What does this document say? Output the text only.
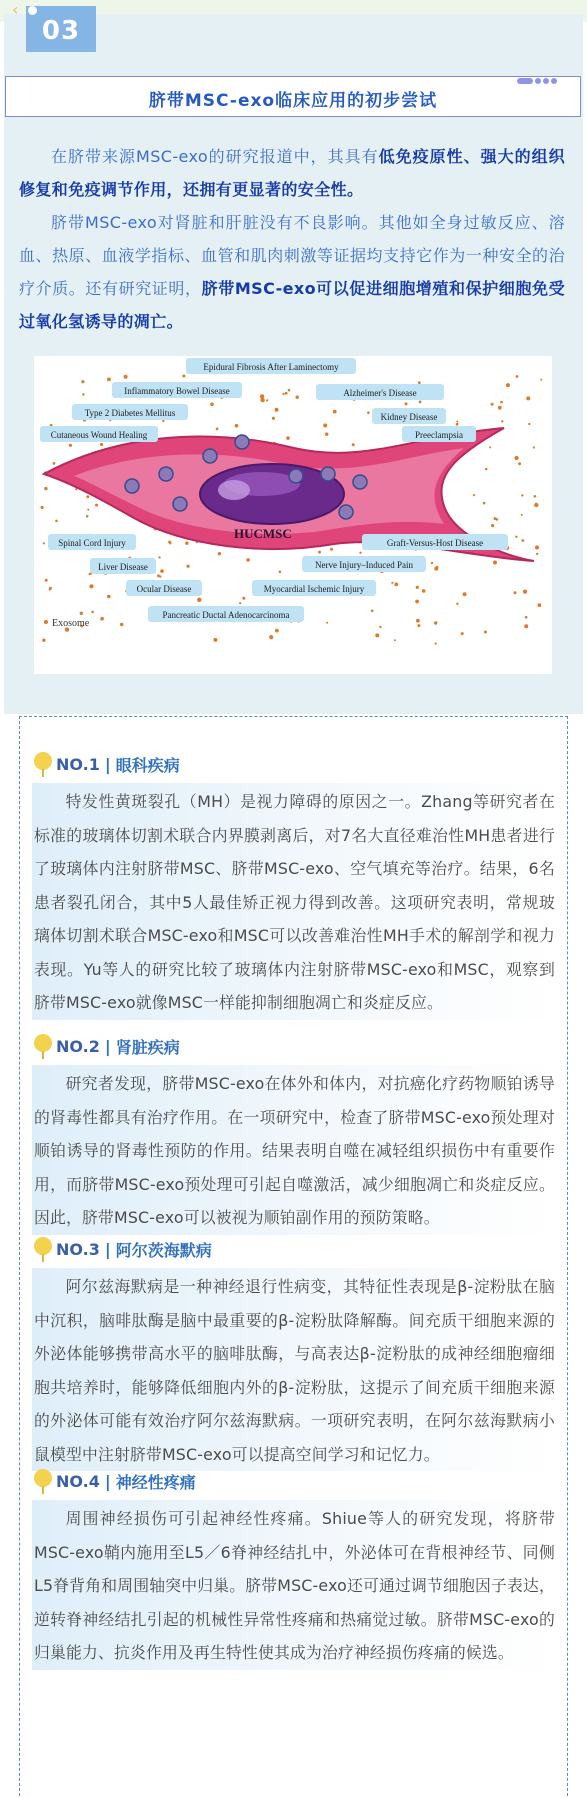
‹
03
脐带MSC-exo临床应用的初步尝试

在脐带来源MSC-exo的研究报道中，其具有低免疫原性、强大的组织修复和免疫调节作用，还拥有更显著的安全性。

脐带MSC-exo对肾脏和肝脏没有不良影响。其他如全身过敏反应、溶血、热原、血液学指标、血管和肌肉刺激等证据均支持它作为一种安全的治疗介质。还有研究证明，脐带MSC-exo可以促进细胞增殖和保护细胞免受过氧化氢诱导的凋亡。

HUCMSC
Epidural Fibrosis After Laminectomy
Inflammatory Bowel Disease	Alzheimer's Disease
Type 2 Diabetes Mellitus	Kidney Disease
Cutaneous Wound Healing	Preeclampsia
Spinal Cord Injury	Graft-Versus-Host Disease
Liver Disease	Nerve Injury–Induced Pain
Ocular Disease	Myocardial Ischemic Injury
Pancreatic Ductal Adenocarcinoma
Exosome
NO.1 | 眼科疾病

特发性黄斑裂孔（MH）是视力障碍的原因之一。Zhang等研究者在标准的玻璃体切割术联合内界膜剥离后，对7名大直径难治性MH患者进行了玻璃体内注射脐带MSC、脐带MSC-exo、空气填充等治疗。结果，6名患者裂孔闭合，其中5人最佳矫正视力得到改善。这项研究表明，常规玻璃体切割术联合MSC-exo和MSC可以改善难治性MH手术的解剖学和视力表现。Yu等人的研究比较了玻璃体内注射脐带MSC-exo和MSC，观察到脐带MSC-exo就像MSC一样能抑制细胞凋亡和炎症反应。

NO.2 | 肾脏疾病

研究者发现，脐带MSC-exo在体外和体内，对抗癌化疗药物顺铂诱导的肾毒性都具有治疗作用。在一项研究中，检查了脐带MSC-exo预处理对顺铂诱导的肾毒性预防的作用。结果表明自噬在减轻组织损伤中有重要作用，而脐带MSC-exo预处理可引起自噬激活，减少细胞凋亡和炎症反应。因此，脐带MSC-exo可以被视为顺铂副作用的预防策略。

NO.3 | 阿尔茨海默病

阿尔兹海默病是一种神经退行性病变，其特征性表现是β-淀粉肽在脑中沉积，脑啡肽酶是脑中最重要的β-淀粉肽降解酶。间充质干细胞来源的外泌体能够携带高水平的脑啡肽酶，与高表达β-淀粉肽的成神经细胞瘤细胞共培养时，能够降低细胞内外的β-淀粉肽，这提示了间充质干细胞来源的外泌体可能有效治疗阿尔兹海默病。一项研究表明，在阿尔兹海默病小鼠模型中注射脐带MSC-exo可以提高空间学习和记忆力。

NO.4 | 神经性疼痛

周围神经损伤可引起神经性疼痛。Shiue等人的研究发现，将脐带MSC-exo鞘内施用至L5／6脊神经结扎中，外泌体可在背根神经节、同侧L5脊背角和周围轴突中归巢。脐带MSC-exo还可通过调节细胞因子表达，逆转脊神经结扎引起的机械性异常性疼痛和热痛觉过敏。脐带MSC-exo的归巢能力、抗炎作用及再生特性使其成为治疗神经损伤疼痛的候选。
